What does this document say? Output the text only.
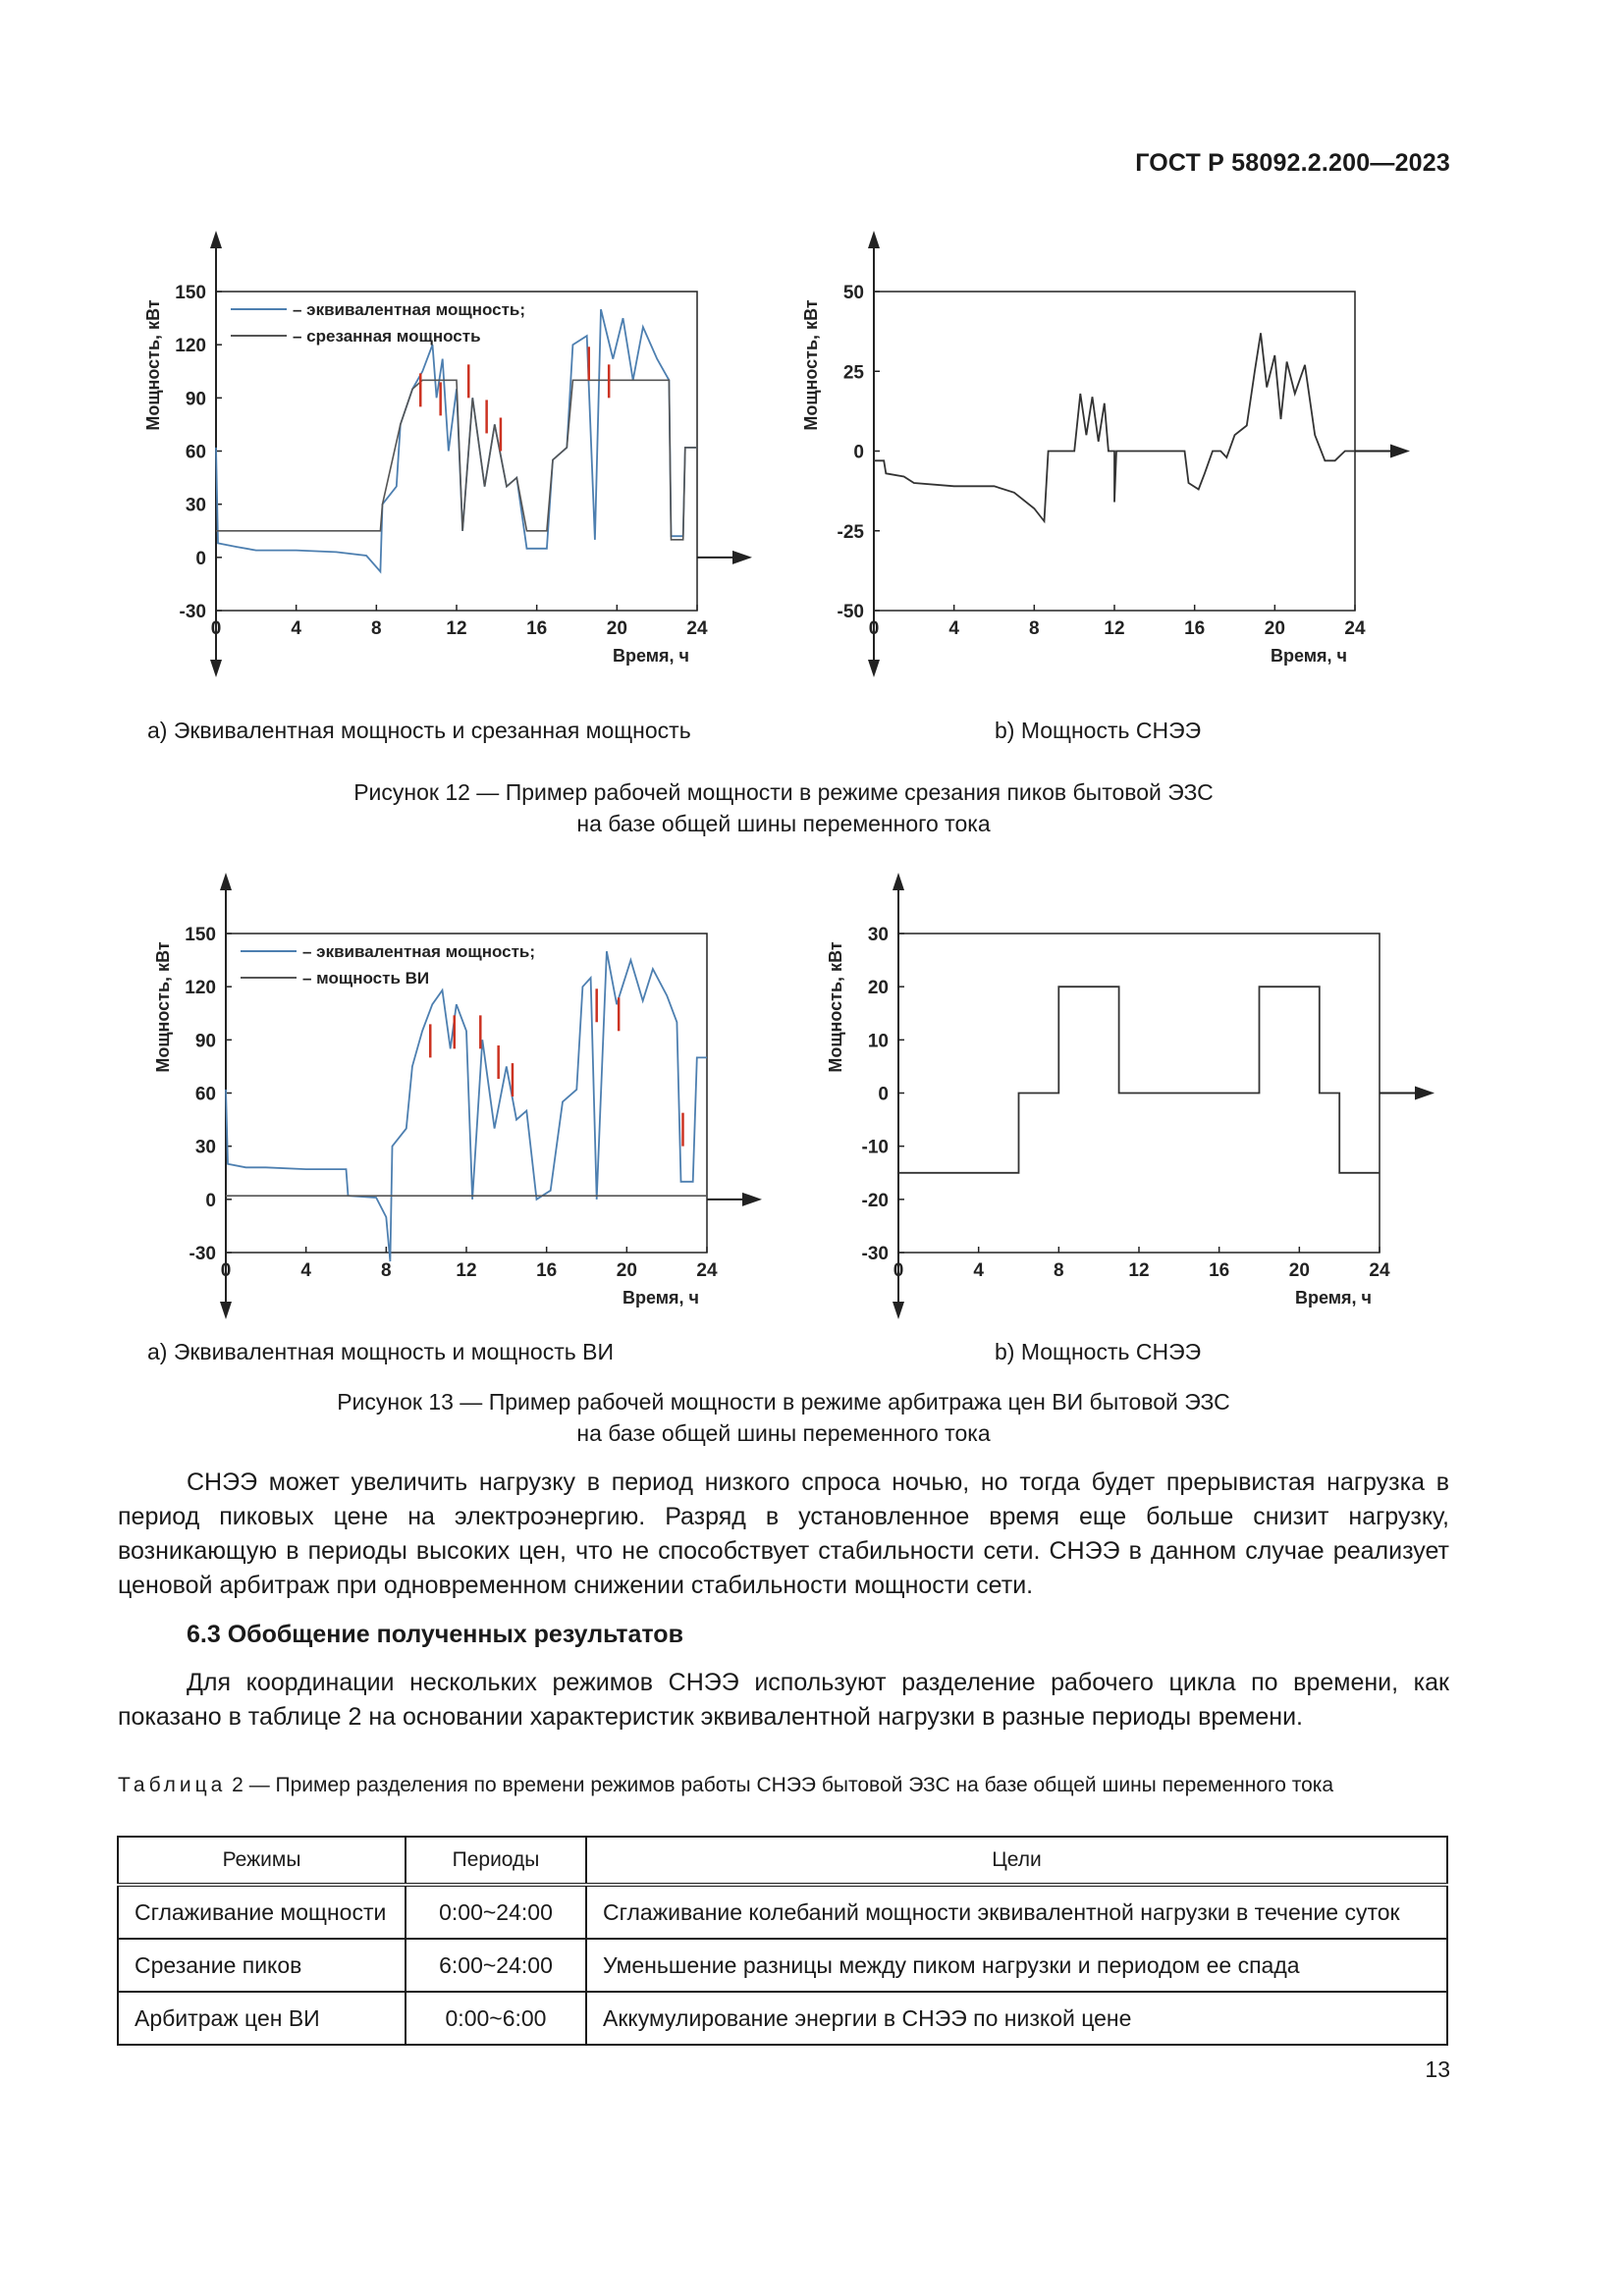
ГОСТ Р 58092.2.200—2023
150
120
90
60
30
0
-30
0	4	8	12	16	20	24
Время, ч
Мощность, кВт	– эквивалентная мощность;
– срезанная мощность
50
25
0
-25
-50
0	4	8	12	16	20	24
Время, ч
Мощность, кВт
а) Эквивалентная мощность и срезанная мощность	b) Мощность СНЭЭ
Рисунок 12 — Пример рабочей мощности в режиме срезания пиков бытовой ЭЗС
на базе общей шины переменного тока
150
120
90
60
30
0
-30
0	4	8	12	16	20	24
Время, ч
Мощность, кВт	– эквивалентная мощность;
– мощность ВИ
30
20
10
0
-10
-20
-30
0	4	8	12	16	20	24
Время, ч
Мощность, кВт
а) Эквивалентная мощность и мощность ВИ	b) Мощность СНЭЭ
Рисунок 13 — Пример рабочей мощности в режиме арбитража цен ВИ бытовой ЭЗС
на базе общей шины переменного тока

СНЭЭ может увеличить нагрузку в период низкого спроса ночью, но тогда будет прерывистая нагрузка в период пиковых цене на электроэнергию. Разряд в установленное время еще больше снизит нагрузку, возникающую в периоды высоких цен, что не способствует стабильности сети. СНЭЭ в данном случае реализует ценовой арбитраж при одновременном снижении стабильности мощности сети.

6.3 Обобщение полученных результатов

Для координации нескольких режимов СНЭЭ используют разделение рабочего цикла по времени, как показано в таблице 2 на основании характеристик эквивалентной нагрузки в разные периоды времени.

Таблица 2 — Пример разделения по времени режимов работы СНЭЭ бытовой ЭЗС на базе общей шины переменного тока
Режимы	Периоды	Цели
Сглаживание мощности	0:00~24:00	Сглаживание колебаний мощности эквивалентной нагрузки в течение суток
Срезание пиков	6:00~24:00	Уменьшение разницы между пиком нагрузки и периодом ее спада
Арбитраж цен ВИ	0:00~6:00	Аккумулирование энергии в СНЭЭ по низкой цене
13
